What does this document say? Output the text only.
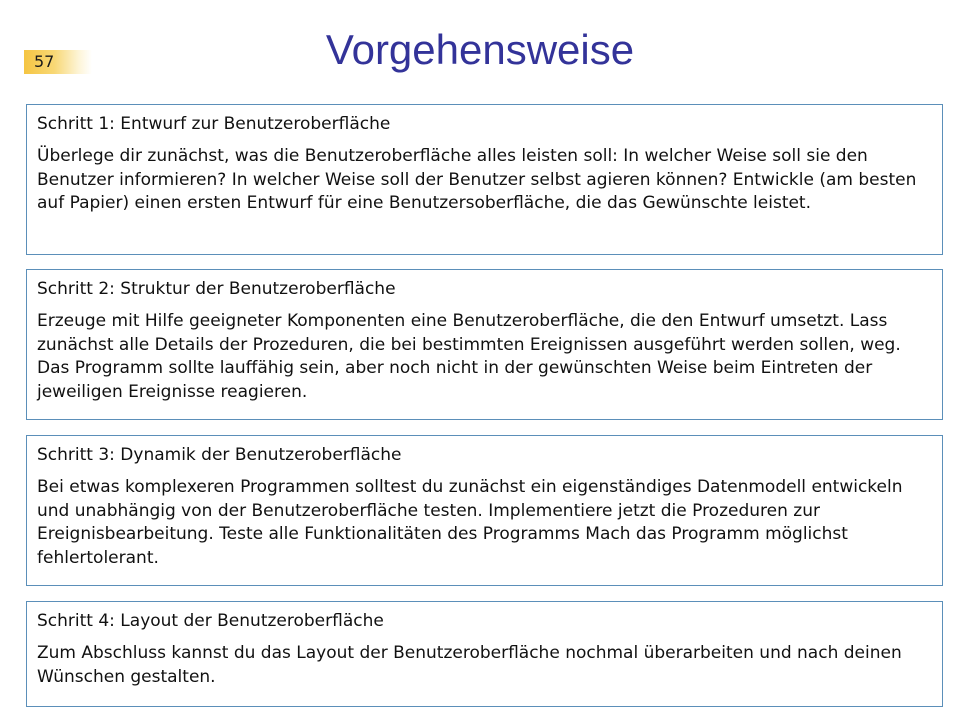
57	Vorgehensweise

Schritt 1: Entwurf zur Benutzeroberfläche

Überlege dir zunächst, was die Benutzeroberfläche alles leisten soll: In welcher Weise soll sie den Benutzer informieren? In welcher Weise soll der Benutzer selbst agieren können? Entwickle (am besten auf Papier) einen ersten Entwurf für eine Benutzersoberfläche, die das Gewünschte leistet.

Schritt 2: Struktur der Benutzeroberfläche

Erzeuge mit Hilfe geeigneter Komponenten eine Benutzeroberfläche, die den Entwurf umsetzt. Lass zunächst alle Details der Prozeduren, die bei bestimmten Ereignissen ausgeführt werden sollen, weg. Das Programm sollte lauffähig sein, aber noch nicht in der gewünschten Weise beim Eintreten der jeweiligen Ereignisse reagieren.

Schritt 3: Dynamik der Benutzeroberfläche

Bei etwas komplexeren Programmen solltest du zunächst ein eigenständiges Datenmodell entwickeln und unabhängig von der Benutzeroberfläche testen. Implementiere jetzt die Prozeduren zur Ereignisbearbeitung. Teste alle Funktionalitäten des Programms Mach das Programm möglichst fehlertolerant.

Schritt 4: Layout der Benutzeroberfläche

Zum Abschluss kannst du das Layout der Benutzeroberfläche nochmal überarbeiten und nach deinen Wünschen gestalten.
